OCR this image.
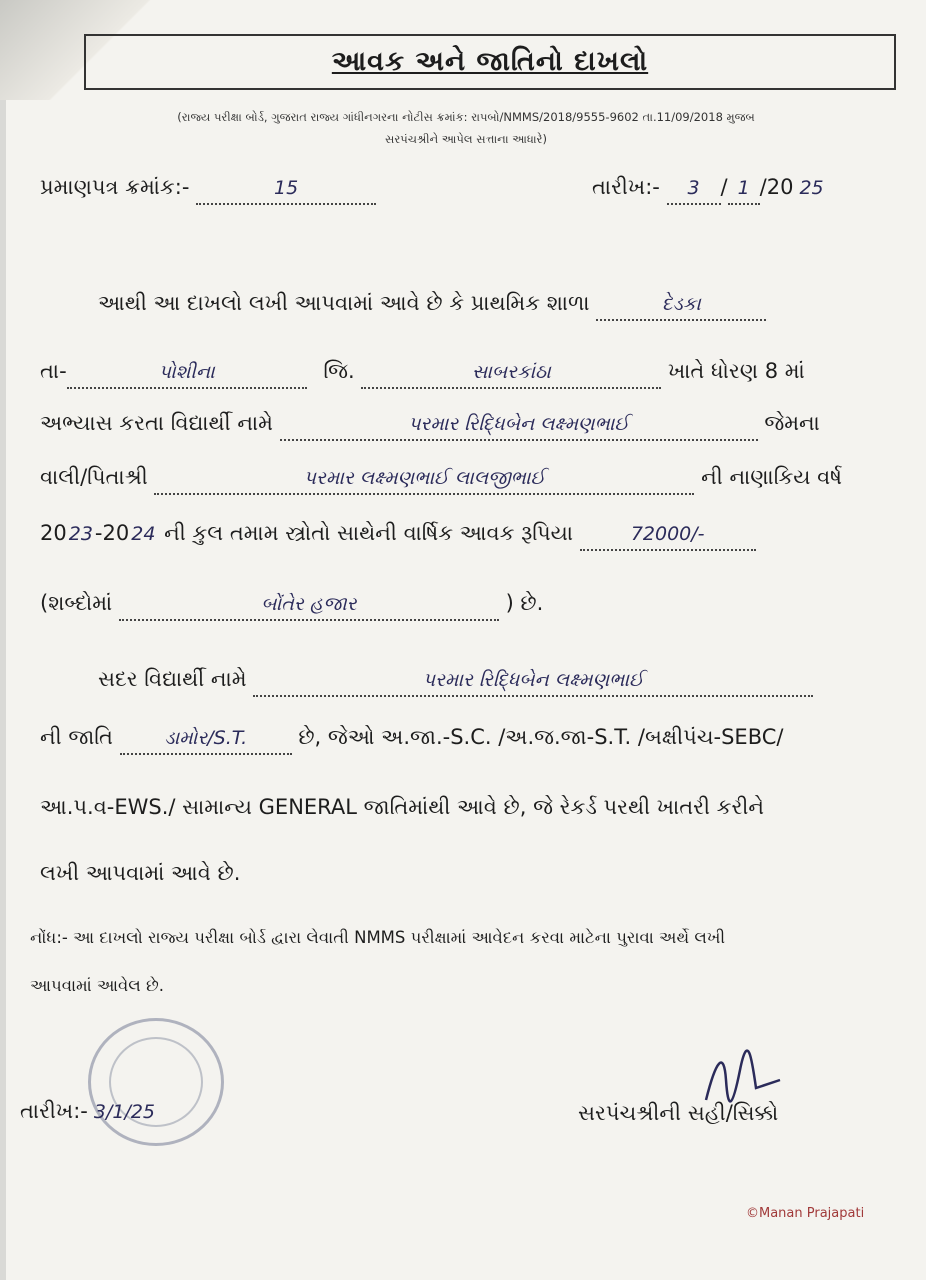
આવક અને જાતિનો દાખલો
(રાજ્ય પરીક્ષા બોર્ડ, ગુજરાત રાજ્ય ગાંધીનગરના નોટીસ ક્રમાંક: રાપબો/NMMS/2018/9555-9602 તા.11/09/2018 મુજબ
સરપંચશ્રીને આપેલ સત્તાના આધારે)
પ્રમાણપત્ર ક્રમાંક:-	15	તારીખ:- 3 / 1 /20 25
આથી આ દાખલો લખી આપવામાં આવે છે કે પ્રાથમિક શાળા	દેડકા
તા-	પોશીના	જિ.	સાબરકાંઠા	ખાતે ધોરણ 8 માં
અભ્યાસ કરતા વિદ્યાર્થી નામે	પરમાર રિદ્ધિબેન લક્ષ્મણભાઈ	જેમના
વાલી/પિતાશ્રી	પરમાર લક્ષ્મણભાઈ લાલજીભાઈ	ની નાણાકિય વર્ષ
20 23-20 24 ની કુલ તમામ સ્ત્રોતો સાથેની વાર્ષિક આવક રૂપિયા	72000/-
(શબ્દોમાં	બોંતેર હજાર	) છે.
સદર વિદ્યાર્થી નામે	પરમાર રિદ્ધિબેન લક્ષ્મણભાઈ
ની જાતિ	ડામોર/S.T. છે, જેઓ અ.જા.-S.C. /અ.જ.જા-S.T. /બક્ષીપંચ-SEBC/
આ.પ.વ-EWS./ સામાન્ય GENERAL જાતિમાંથી આવે છે, જે રેકર્ડ પરથી ખાતરી કરીને
લખી આપવામાં આવે છે.
નોંધ:- આ દાખલો રાજ્ય પરીક્ષા બોર્ડ દ્વારા લેવાતી NMMS પરીક્ષામાં આવેદન કરવા માટેના પુરાવા અર્થે લખી
આપવામાં આવેલ છે.
તારીખ:- 3/1/25	સરપંચશ્રીની સહી/સિક્કો
©Manan Prajapati
